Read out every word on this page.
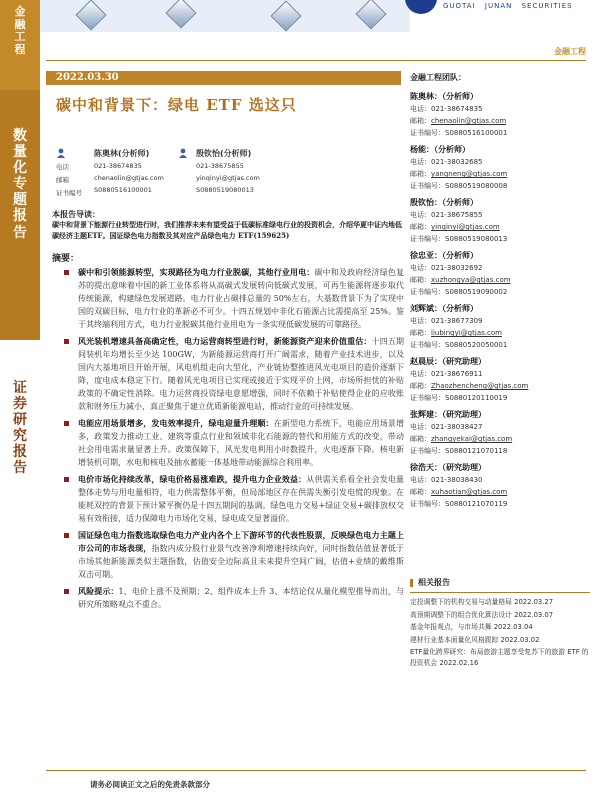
金
融
工
程
数
量
化
专
题
报
告
证
券
研
究
报
告
GUOTAI JUNAN SECURITIES
金融工程
2022.03.30
碳中和背景下：绿电 ETF 选这只
电话
邮箱
证书编号
陈奥林(分析师)
021-38674835
chenaolin@gtjas.com
S0880516100001
殷钦怡(分析师)
021-38675855
yinqinyi@gtjas.com
S0880519080013
本报告导读：
碳中和背景下能源行业转型进行时，我们推荐未来有望受益于低碳标准绿电行业的投资机会，介绍华夏中证内地低碳经济主题ETF。国证绿色电力指数及其对应产品绿色电力 ETF(159625)
摘要：
碳中和引领能源转型，实现路径为电力行业脱碳，其他行业用电：碳中和及政府经济绿色复苏的提出意味着中国的新工业体系将从高碳式发展转向低碳式发展，可再生能源将逐步取代传统能源，构建绿色发展道路。电力行业占碳排总量的 50%左右，大基数背景下为了实现中国的双碳目标，电力行业的革新必不可少。十四五规划中非化石能源占比需提高至 25%。鉴于其终端利用方式，电力行业脱碳其他行业用电为一条实现低碳发展的可靠路径。
风光装机增速具备高确定性，电力运营商转型进行时，新能源资产迎来价值重估：十四五期间装机年均增长至少达 100GW，为新能源运营商打开广阔需求，随着产业技术进步，以及国内大基地项目开始开展，风电机组走向大型化，产业链协整推进风光电项目的造价逐渐下降，度电成本稳定下行。随着风光电项目已实现或接近于实现平价上网，市场所担忧的补贴政策的不确定性消除。电力运营商投资绿电意愿增强，同时不依赖于补贴使得企业的应收账款和财务压力减小，真正聚焦于建立优质新能源电站，推动行业的可持续发展。
电能应用场景增多，发电效率提升，绿电迎量升理顺：在新型电力系统下，电能应用场景增多，政策发力推动工业、建筑等重点行业和领域非化石能源的替代和用能方式的改变，带动社会用电需求量显著上升。政策保障下，风光发电利用小时数提升，火电逐渐下降。核电新增装机可期，水电和核电及抽水蓄能一体基地带动能源综合利用率。
电价市场化持续改革，绿电价格易涨难跌，提升电力企业效益：从供需关系看全社会发电量整体走势与用电量相符，电力供需整体平衡，但局部地区存在供需失衡引发电慌的现象。在能耗双控的背景下预计紧平衡仍是十四五期间的基调。绿色电力交易+绿证交易+碳排放权交易有效衔接，适力保障电力市场化交易，绿电成交显著溢价。
国证绿色电力指数选取绿色电力产业内各个上下游环节的代表性股票，反映绿色电力主题上市公司的市场表现，指数内成分股行业景气改善净利增速持续向好，同时指数估值显著低于市场其他新能源类似主题指数，估值安全边际高且未来提升空间广阔，估值+业绩的戴维斯双击可期。
风险提示：1、电价上涨不及预期；2、组件成本上升 3、本结论仅从量化模型推导而出，与研究所策略观点不重合。
金融工程团队：
陈奥林：（分析师）
电话：021-38674835
邮箱：chenaolin@gtjas.com
证书编号：S0880516100001
杨能：（分析师）
电话：021-38032685
邮箱：yangneng@gtjas.com
证书编号：S0880519080008
殷钦怡：（分析师）
电话：021-38675855
邮箱：yinqinyi@gtjas.com
证书编号：S0880519080013
徐忠亚：（分析师）
电话：021-38032692
邮箱：xuzhongya@gtjas.com
证书编号：S0880519090002
刘辉斌：（分析师）
电话：021-38677309
邮箱：liubingyi@gtjas.com
证书编号：S0880520050001
赵晨辰：（研究助理）
电话：021-38676911
邮箱：Zhaozhencheng@gtjas.com
证书编号：S0880120110019
张辉建：（研究助理）
电话：021-38038427
邮箱：zhangyekai@gtjas.com
证书编号：S0880121070118
徐浩天：（研究助理）
电话：021-38038430
邮箱：xuhaotian@gtjas.com
证书编号：S0880121070119
相关报告
定投调整下的机构交易与动量格局 2022.03.27
高预期调整下的组合优化算法设计 2022.03.07
基金年报观点，与市场共舞 2022.03.04
建材行业基本面量化风格跟踪 2022.03.02
ETF量化跨界研究：布局旅游主题享受复苏下的旅游 ETF 的投资机会 2022.02.16
请务必阅读正文之后的免责条款部分
